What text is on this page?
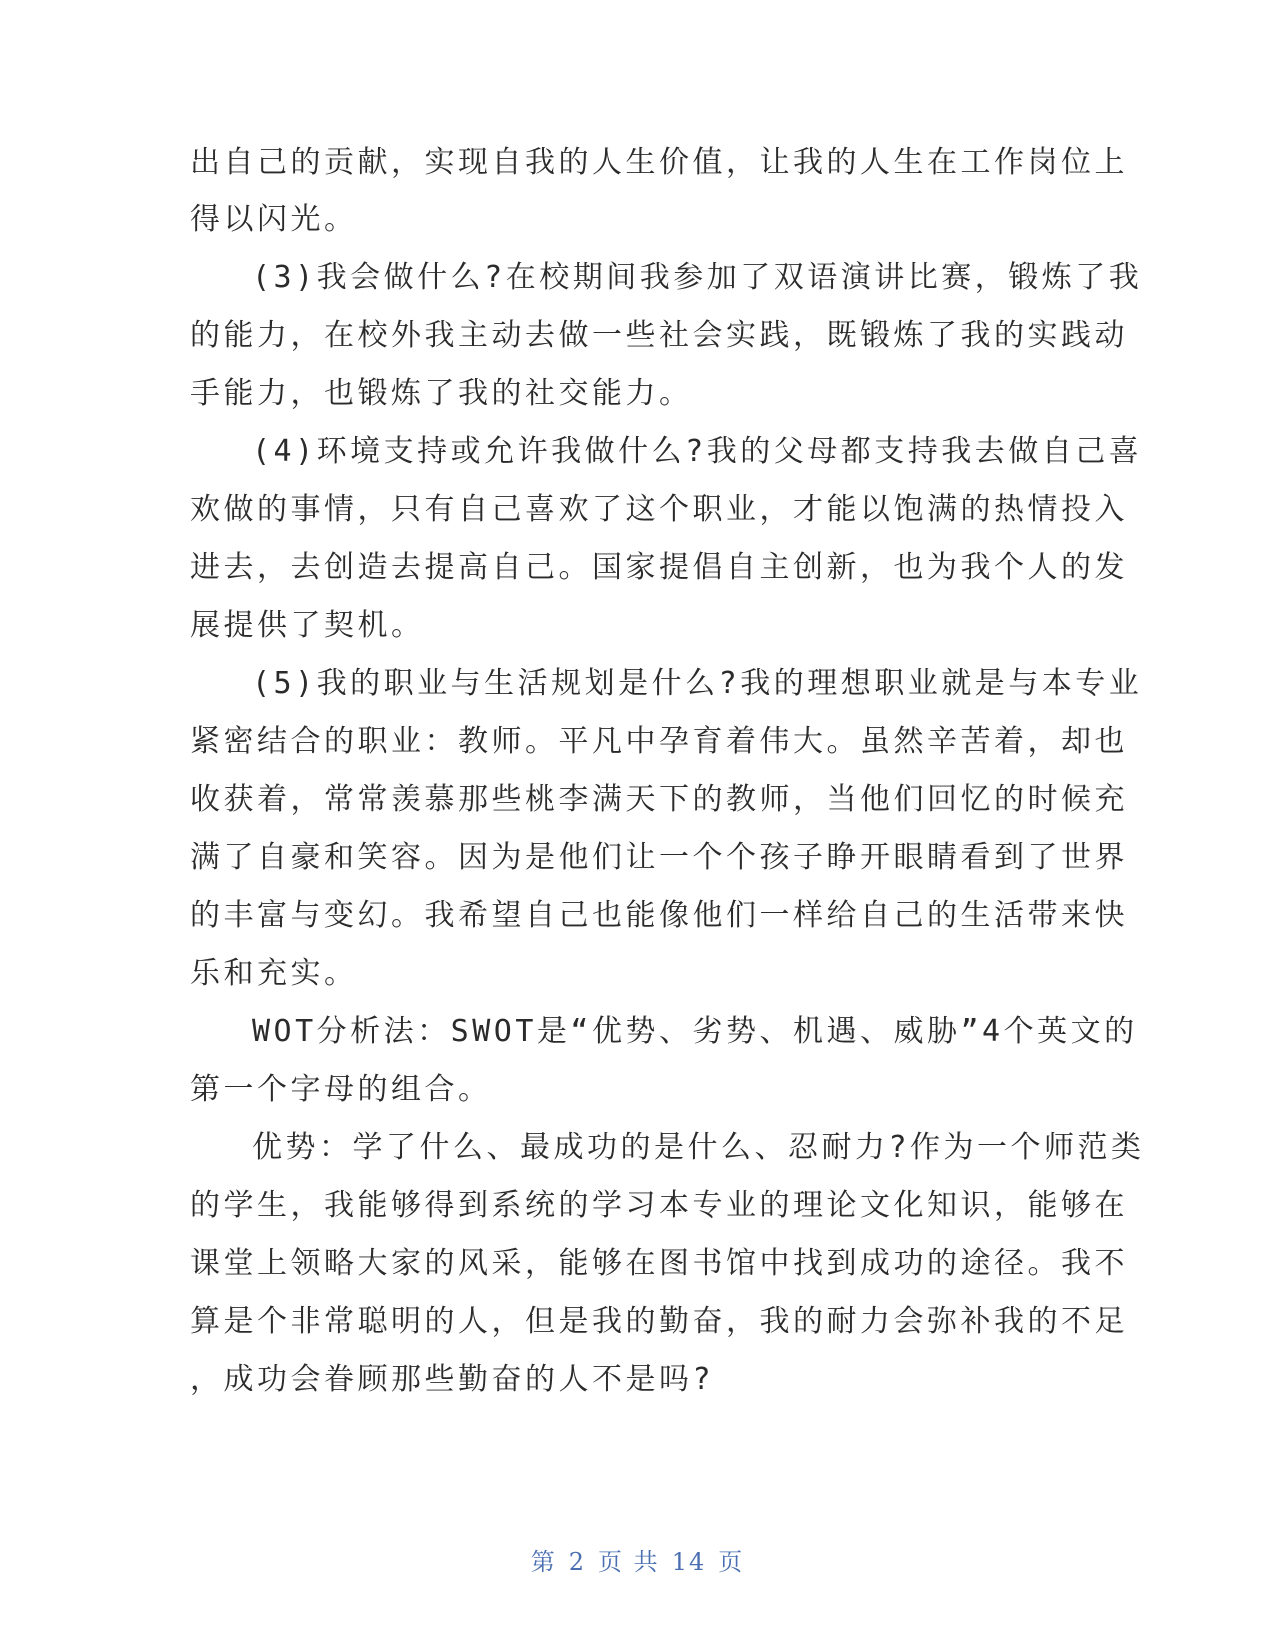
出自己的贡献，实现自我的人生价值，让我的人生在工作岗位上
得以闪光。
(3)我会做什么?在校期间我参加了双语演讲比赛，锻炼了我
的能力，在校外我主动去做一些社会实践，既锻炼了我的实践动
手能力，也锻炼了我的社交能力。
(4)环境支持或允许我做什么?我的父母都支持我去做自己喜
欢做的事情，只有自己喜欢了这个职业，才能以饱满的热情投入
进去，去创造去提高自己。国家提倡自主创新，也为我个人的发
展提供了契机。
(5)我的职业与生活规划是什么?我的理想职业就是与本专业
紧密结合的职业：教师。平凡中孕育着伟大。虽然辛苦着，却也
收获着，常常羡慕那些桃李满天下的教师，当他们回忆的时候充
满了自豪和笑容。因为是他们让一个个孩子睁开眼睛看到了世界
的丰富与变幻。我希望自己也能像他们一样给自己的生活带来快
乐和充实。
WOT分析法：SWOT是“优势、劣势、机遇、威胁”4个英文的
第一个字母的组合。
优势：学了什么、最成功的是什么、忍耐力?作为一个师范类
的学生，我能够得到系统的学习本专业的理论文化知识，能够在
课堂上领略大家的风采，能够在图书馆中找到成功的途径。我不
算是个非常聪明的人，但是我的勤奋，我的耐力会弥补我的不足
，成功会眷顾那些勤奋的人不是吗?
第 2 页 共 14 页
